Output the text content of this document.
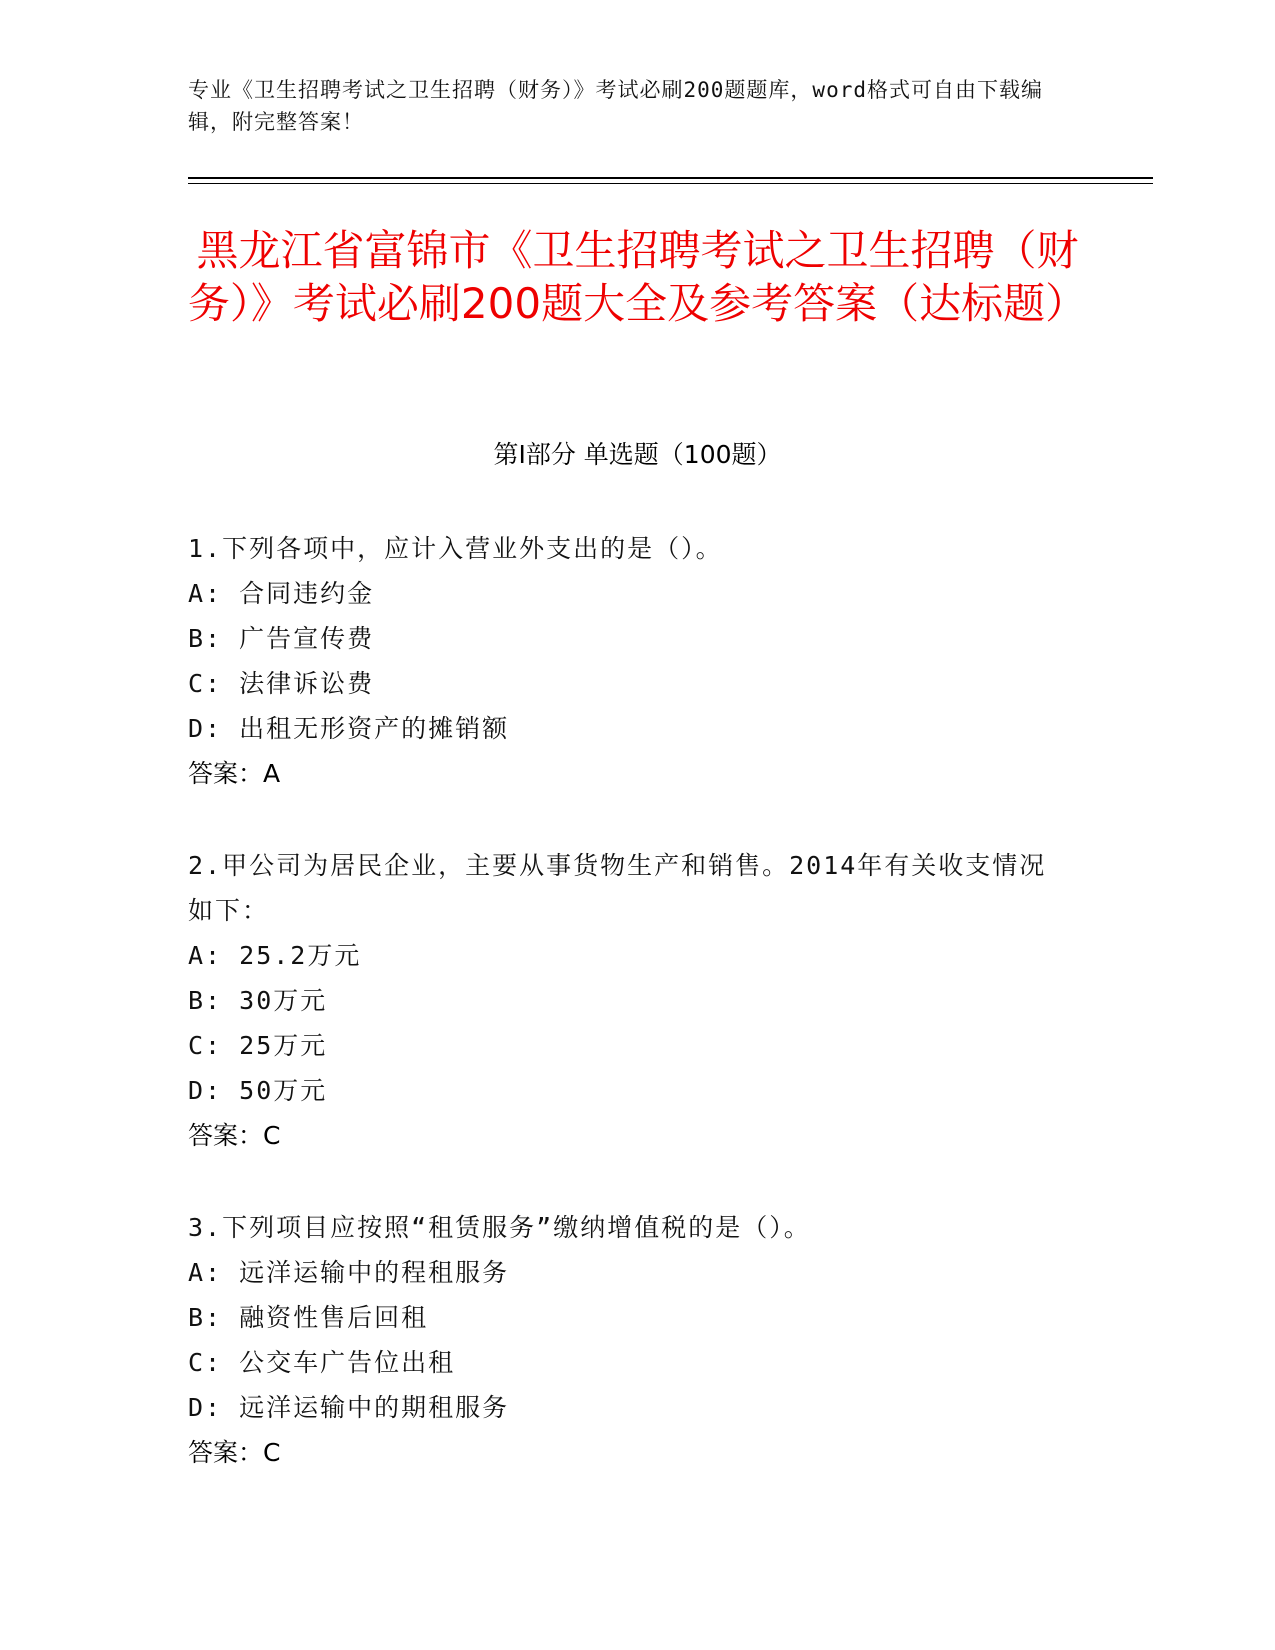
专业《卫生招聘考试之卫生招聘（财务）》考试必刷200题题库，word格式可自由下载编辑，附完整答案！
黑龙江省富锦市《卫生招聘考试之卫生招聘（财务）》考试必刷200题大全及参考答案（达标题）
第I部分 单选题（100题）
1.下列各项中，应计入营业外支出的是（）。
A: 合同违约金
B: 广告宣传费
C: 法律诉讼费
D: 出租无形资产的摊销额
答案：A
2.甲公司为居民企业，主要从事货物生产和销售。2014年有关收支情况如下：
A: 25.2万元
B: 30万元
C: 25万元
D: 50万元
答案：C
3.下列项目应按照“租赁服务”缴纳增值税的是（）。
A: 远洋运输中的程租服务
B: 融资性售后回租
C: 公交车广告位出租
D: 远洋运输中的期租服务
答案：C
